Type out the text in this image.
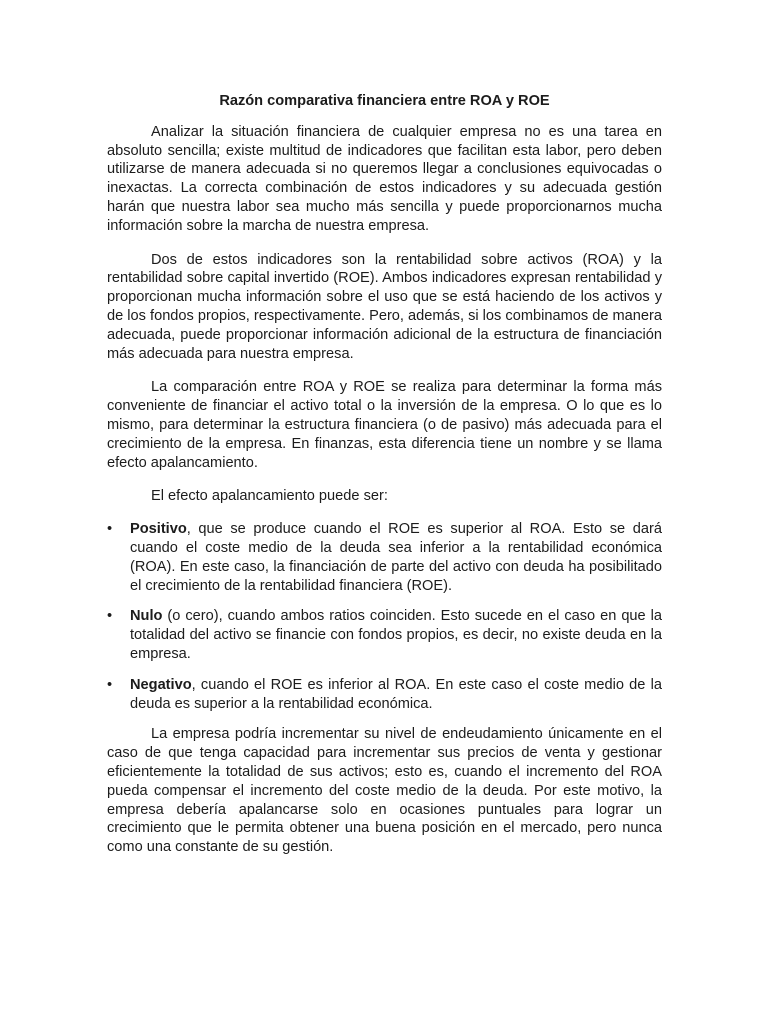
Razón comparativa financiera entre ROA y ROE

Analizar la situación financiera de cualquier empresa no es una tarea en absoluto sencilla; existe multitud de indicadores que facilitan esta labor, pero deben utilizarse de manera adecuada si no queremos llegar a conclusiones equivocadas o inexactas. La correcta combinación de estos indicadores y su adecuada gestión harán que nuestra labor sea mucho más sencilla y puede proporcionarnos mucha información sobre la marcha de nuestra empresa.

Dos de estos indicadores son la rentabilidad sobre activos (ROA) y la rentabilidad sobre capital invertido (ROE). Ambos indicadores expresan rentabilidad y proporcionan mucha información sobre el uso que se está haciendo de los activos y de los fondos propios, respectivamente. Pero, además, si los combinamos de manera adecuada, puede proporcionar información adicional de la estructura de financiación más adecuada para nuestra empresa.

La comparación entre ROA y ROE se realiza para determinar la forma más conveniente de financiar el activo total o la inversión de la empresa. O lo que es lo mismo, para determinar la estructura financiera (o de pasivo) más adecuada para el crecimiento de la empresa. En finanzas, esta diferencia tiene un nombre y se llama efecto apalancamiento.

El efecto apalancamiento puede ser:

• Positivo, que se produce cuando el ROE es superior al ROA. Esto se dará cuando el coste medio de la deuda sea inferior a la rentabilidad económica (ROA). En este caso, la financiación de parte del activo con deuda ha posibilitado el crecimiento de la rentabilidad financiera (ROE).
• Nulo (o cero), cuando ambos ratios coinciden. Esto sucede en el caso en que la totalidad del activo se financie con fondos propios, es decir, no existe deuda en la empresa.
• Negativo, cuando el ROE es inferior al ROA. En este caso el coste medio de la deuda es superior a la rentabilidad económica.

La empresa podría incrementar su nivel de endeudamiento únicamente en el caso de que tenga capacidad para incrementar sus precios de venta y gestionar eficientemente la totalidad de sus activos; esto es, cuando el incremento del ROA pueda compensar el incremento del coste medio de la deuda. Por este motivo, la empresa debería apalancarse solo en ocasiones puntuales para lograr un crecimiento que le permita obtener una buena posición en el mercado, pero nunca como una constante de su gestión.
